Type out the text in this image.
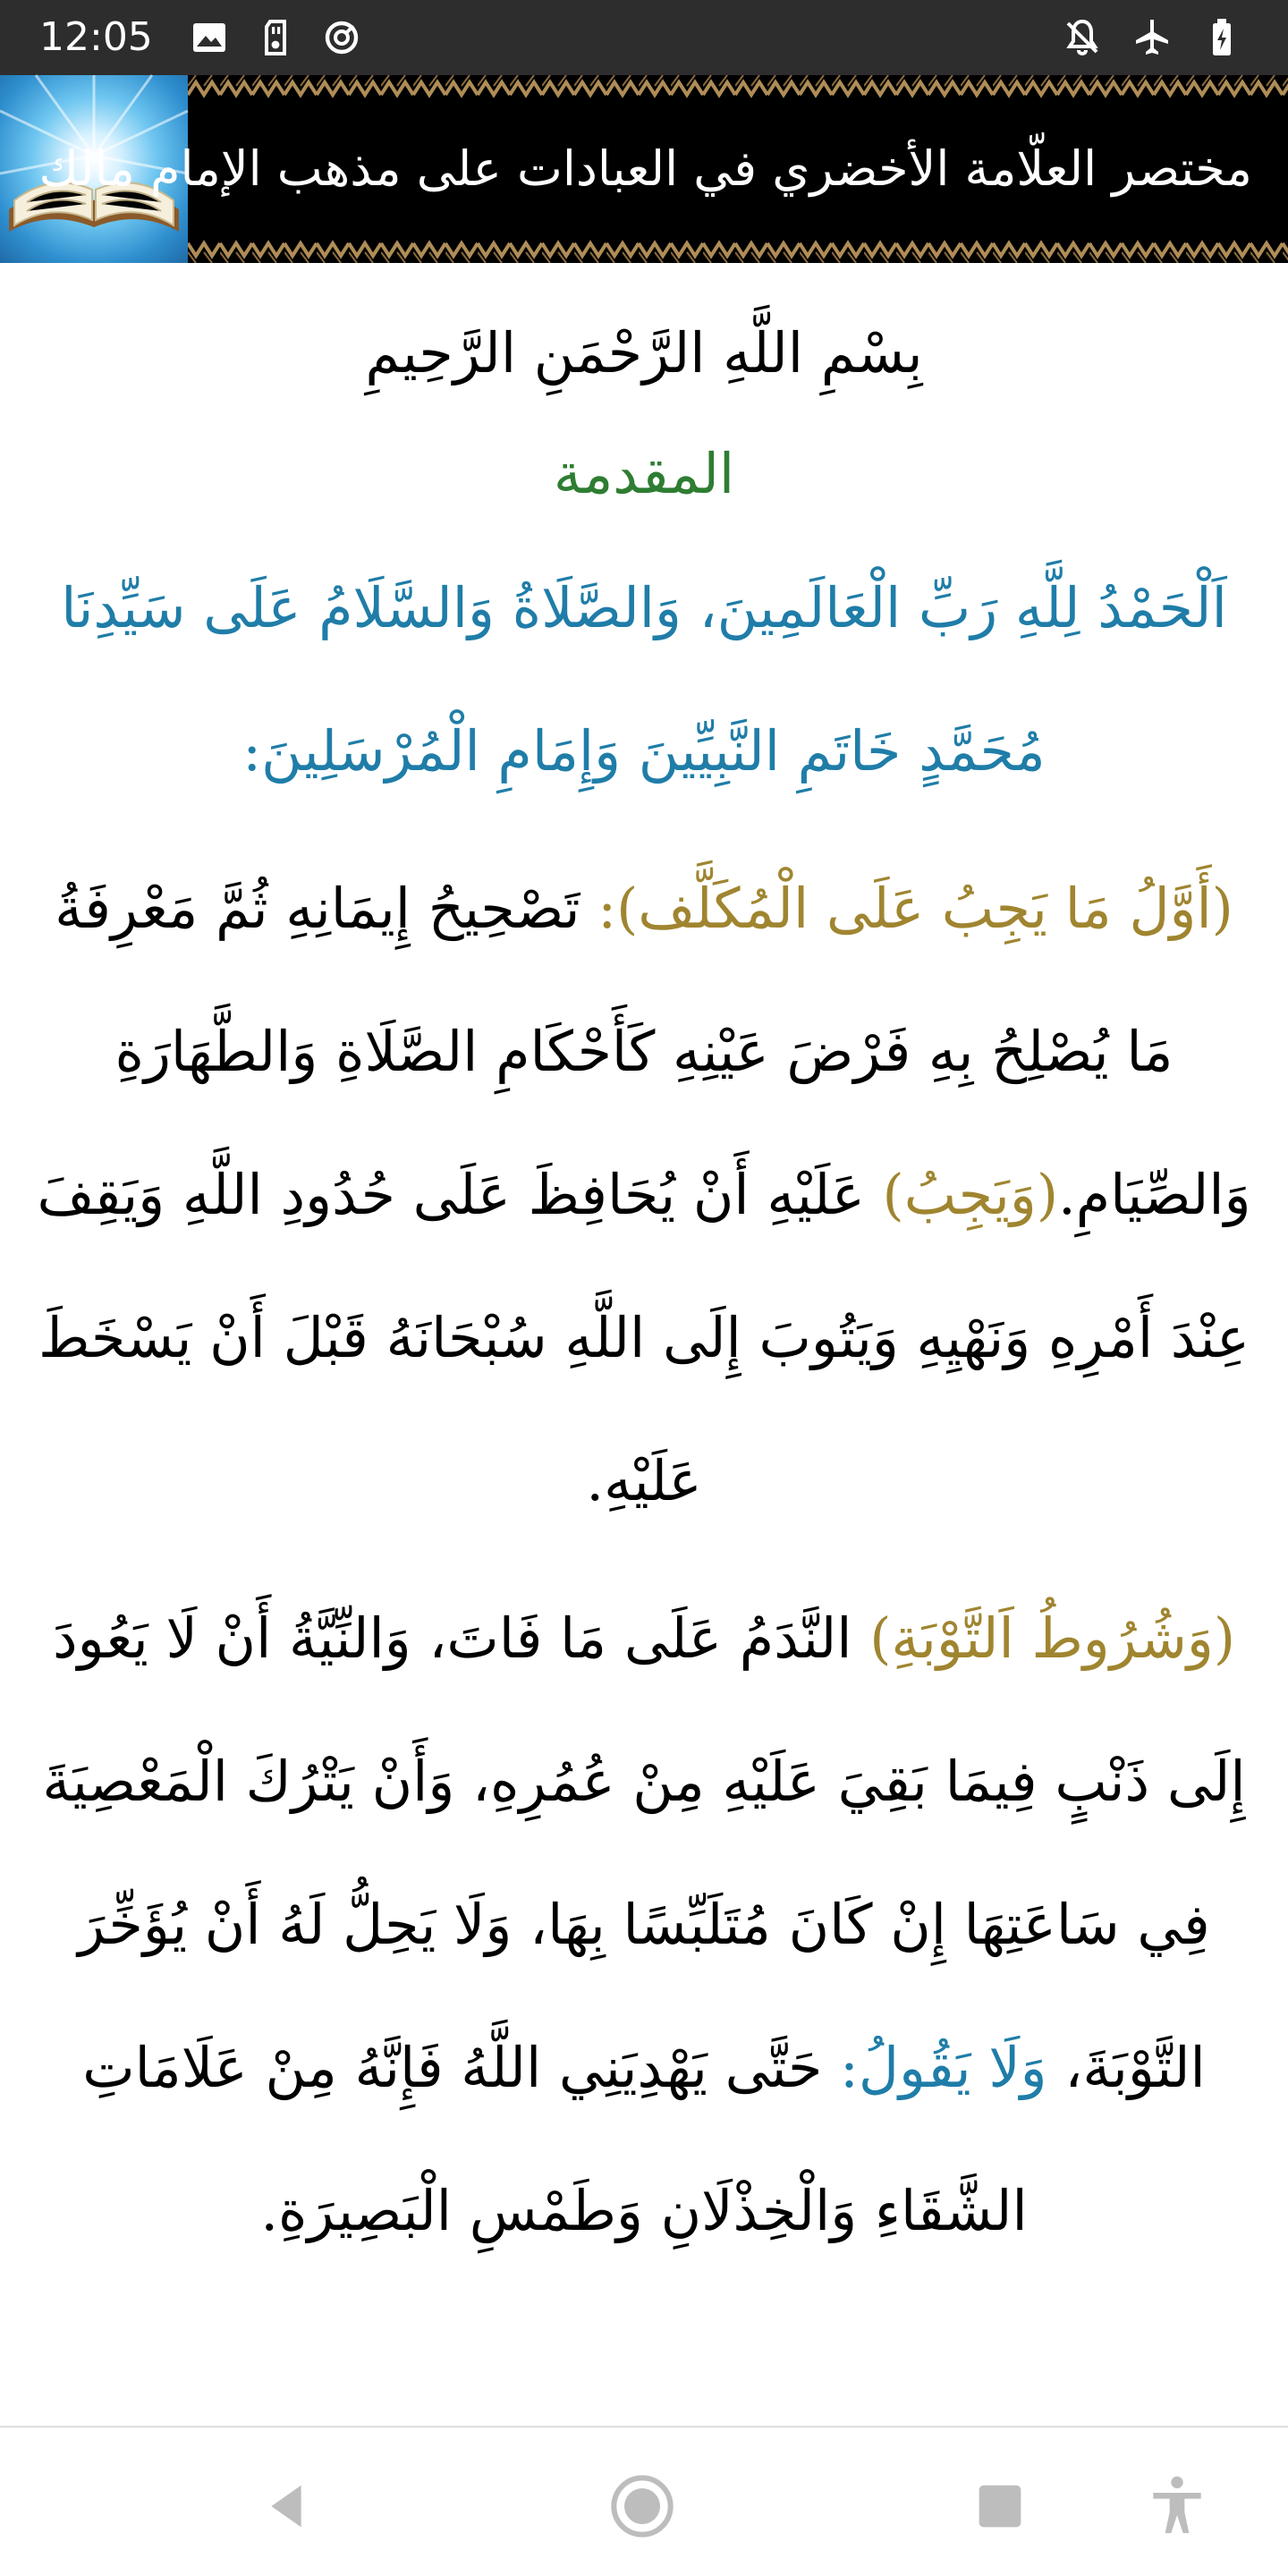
12:05
مختصر العلّامة الأخضري في العبادات على مذهب الإمام مالك
بِسْمِ اللَّهِ الرَّحْمَنِ الرَّحِيمِ
المقدمة

اَلْحَمْدُ لِلَّهِ رَبِّ الْعَالَمِينَ، وَالصَّلَاةُ وَالسَّلَامُ عَلَى سَيِّدِنَا مُحَمَّدٍ خَاتَمِ النَّبِيِّينَ وَإِمَامِ الْمُرْسَلِينَ:

(أَوَّلُ مَا يَجِبُ عَلَى الْمُكَلَّف): تَصْحِيحُ إِيمَانِهِ ثُمَّ مَعْرِفَةُ مَا يُصْلِحُ بِهِ فَرْضَ عَيْنِهِ كَأَحْكَامِ الصَّلَاةِ وَالطَّهَارَةِ وَالصِّيَامِ.(وَيَجِبُ) عَلَيْهِ أَنْ يُحَافِظَ عَلَى حُدُودِ اللَّهِ وَيَقِفَ عِنْدَ أَمْرِهِ وَنَهْيِهِ وَيَتُوبَ إِلَى اللَّهِ سُبْحَانَهُ قَبْلَ أَنْ يَسْخَطَ عَلَيْهِ.

(وَشُرُوطُ اَلتَّوْبَةِ) النَّدَمُ عَلَى مَا فَاتَ، وَالنِّيَّةُ أَنْ لَا يَعُودَ إِلَى ذَنْبٍ فِيمَا بَقِيَ عَلَيْهِ مِنْ عُمُرِهِ، وَأَنْ يَتْرُكَ الْمَعْصِيَةَ فِي سَاعَتِهَا إِنْ كَانَ مُتَلَبِّسًا بِهَا، وَلَا يَحِلُّ لَهُ أَنْ يُؤَخِّرَ التَّوْبَةَ، وَلَا يَقُولُ: حَتَّى يَهْدِيَنِي اللَّهُ فَإِنَّهُ مِنْ عَلَامَاتِ الشَّقَاءِ وَالْخِذْلَانِ وَطَمْسِ الْبَصِيرَةِ.
